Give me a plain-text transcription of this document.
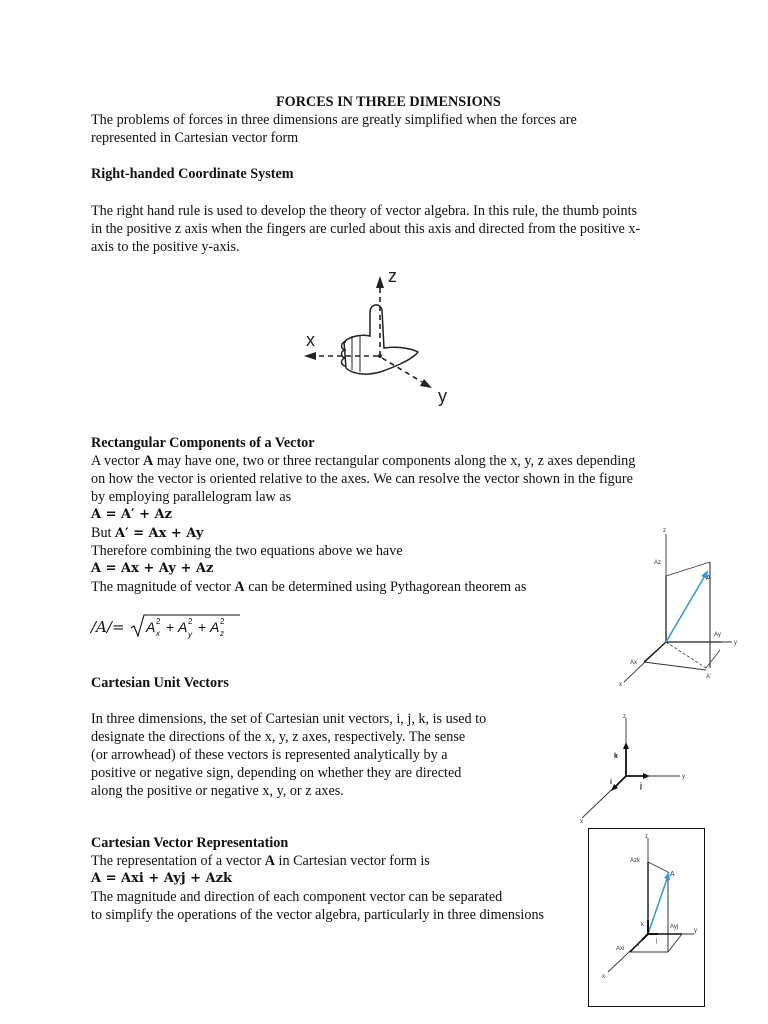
FORCES IN THREE DIMENSIONS
The problems of forces in three dimensions are greatly simplified when the forces are
represented in Cartesian vector form
Right-handed Coordinate System
The right hand rule is used to develop the theory of vector algebra. In this rule, the thumb points
in the positive z axis when the fingers are curled about this axis and directed from the positive x-
axis to the positive y-axis.
z
x
y
Rectangular Components of a Vector
A vector A may have one, two or three rectangular components along the x, y, z axes depending
on how the vector is oriented relative to the axes. We can resolve the vector shown in the figure
by employing parallelogram law as
A = A′ + Az
But A′ = Ax + Ay
Therefore combining the two equations above we have
A = Ax + Ay + Az
The magnitude of vector A can be determined using Pythagorean theorem as
/A/= A 2
x + A 2
y + A 2
z
z
y
x
Az
A
Ay
Ax
A'
Cartesian Unit Vectors
In three dimensions, the set of Cartesian unit vectors, i, j, k, is used to
designate the directions of the x, y, z axes, respectively. The sense
(or arrowhead) of these vectors is represented analytically by a
positive or negative sign, depending on whether they are directed
along the positive or negative x, y, or z axes.
z
y
x
k
j
i
Cartesian Vector Representation
The representation of a vector A in Cartesian vector form is
A = Axi + Ayj + Azk
The magnitude and direction of each component vector can be separated
to simplify the operations of the vector algebra, particularly in three dimensions
z
y
x
Azk
A
k	Ayj
j
i
Axi
